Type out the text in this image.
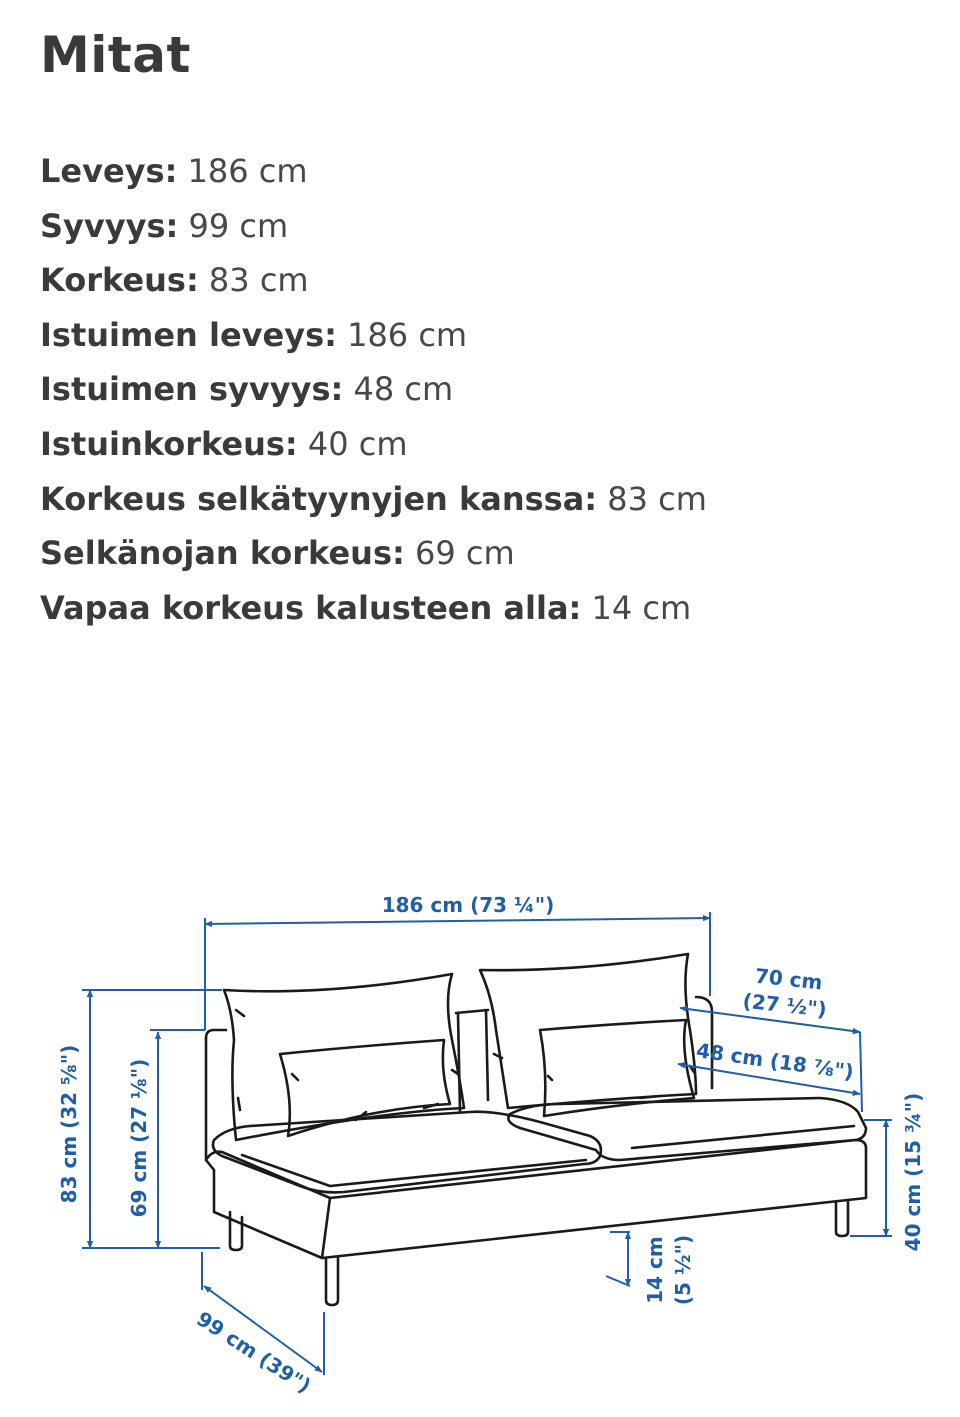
Mitat
Leveys: 186 cm
Syvyys: 99 cm
Korkeus: 83 cm
Istuimen leveys: 186 cm
Istuimen syvyys: 48 cm
Istuinkorkeus: 40 cm
Korkeus selkätyynyjen kanssa: 83 cm
Selkänojan korkeus: 69 cm
Vapaa korkeus kalusteen alla: 14 cm
186 cm (73 ¼")
70 cm
(27 ½")
48 cm (18 ⅞")
83 cm (32 ⅝") 69 cm (27 ⅛")	40 cm (15 ¾")
14 cm (5 ½")
99 cm (39")
